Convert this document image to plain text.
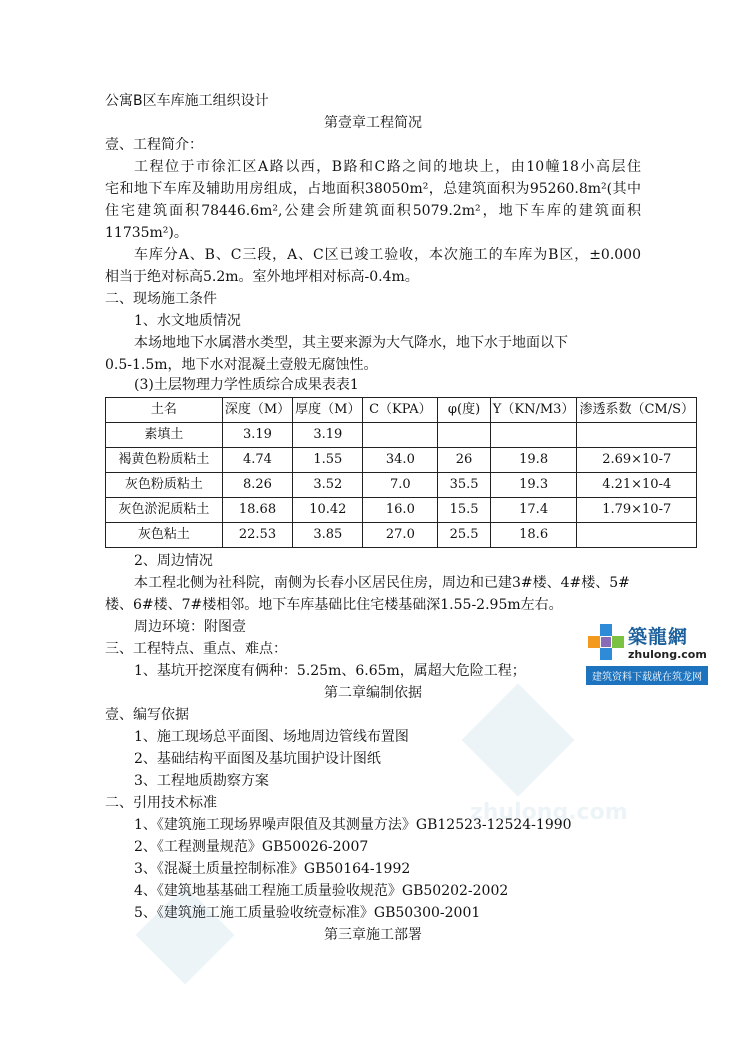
zhulong.com
公寓B区车库施工组织设计
第壹章工程简况
壹、工程简介：
工程位于市徐汇区A路以西，B路和C路之间的地块上，由10幢18小高层住
宅和地下车库及辅助用房组成，占地面积38050m²，总建筑面积为95260.8m²(其中
住宅建筑面积78446.6m²,公建会所建筑面积5079.2m²，地下车库的建筑面积
11735m²)。
车库分A、B、C三段，A、C区已竣工验收，本次施工的车库为B区，±0.000
相当于绝对标高5.2m。室外地坪相对标高-0.4m。
二、现场施工条件
1、水文地质情况
本场地地下水属潜水类型，其主要来源为大气降水，地下水于地面以下
0.5-1.5m，地下水对混凝土壹般无腐蚀性。
(3)土层物理力学性质综合成果表表1
土名	深度（M）	厚度（M）	C（KPA）	φ(度)	Y（KN/M3）	渗透系数（CM/S）
素填土	3.19	3.19				
褐黄色粉质粘土	4.74	1.55	34.0	26	19.8	2.69×10-7
灰色粉质粘土	8.26	3.52	7.0	35.5	19.3	4.21×10-4
灰色淤泥质粘土	18.68	10.42	16.0	15.5	17.4	1.79×10-7
灰色粘土	22.53	3.85	27.0	25.5	18.6	
2、周边情况
本工程北侧为社科院，南侧为长春小区居民住房，周边和已建3#楼、4#楼、5#
楼、6#楼、7#楼相邻。地下车库基础比住宅楼基础深1.55-2.95m左右。
周边环境：附图壹
三、工程特点、重点、难点：
1、基坑开挖深度有俩种：5.25m、6.65m，属超大危险工程；
第二章编制依据
壹、编写依据
1、施工现场总平面图、场地周边管线布置图
2、基础结构平面图及基坑围护设计图纸
3、工程地质勘察方案
二、引用技术标准
1、《建筑施工现场界噪声限值及其测量方法》GB12523-12524-1990
2、《工程测量规范》GB50026-2007
3、《混凝土质量控制标准》GB50164-1992
4、《建筑地基基础工程施工质量验收规范》GB50202-2002
5、《建筑施工施工质量验收统壹标准》GB50300-2001
第三章施工部署
築龍網
zhulong.com
建筑资料下载就在筑龙网
